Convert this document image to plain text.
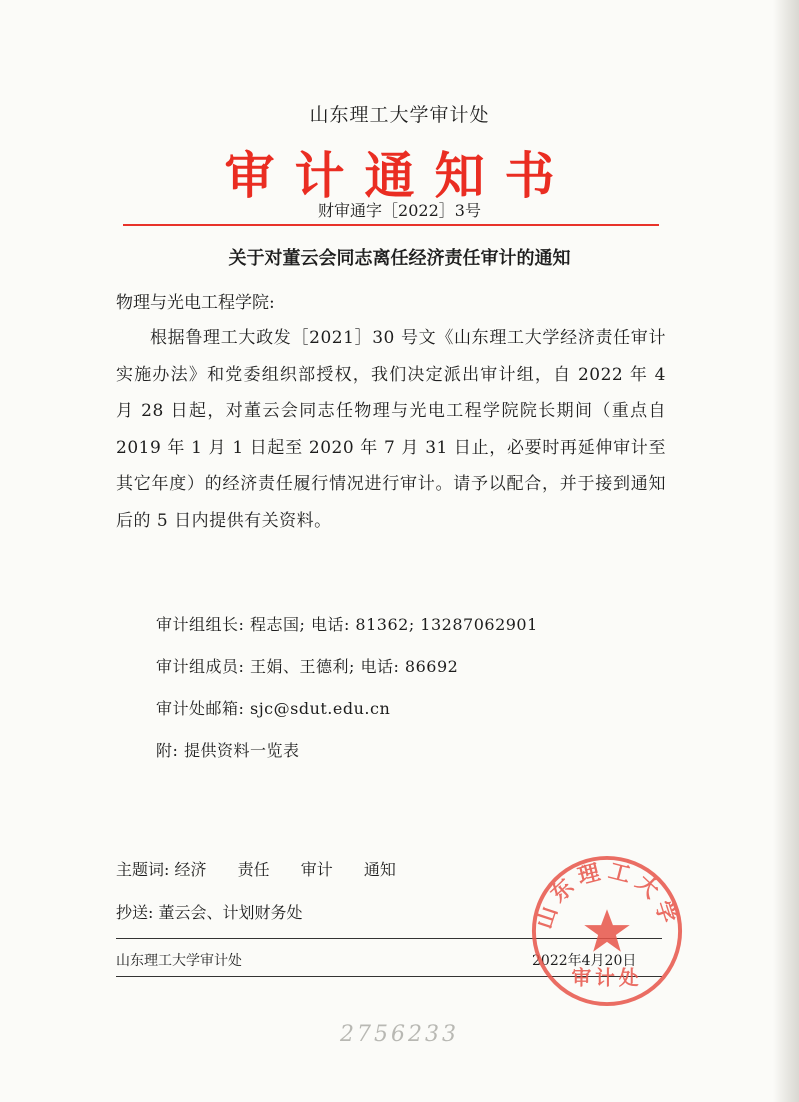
山东理工大学审计处
审计通知书
财审通字［2022］3号
关于对董云会同志离任经济责任审计的通知
物理与光电工程学院:
根据鲁理工大政发［2021］30 号文《山东理工大学经济责任审计实施办法》和党委组织部授权，我们决定派出审计组，自 2022 年 4 月 28 日起，对董云会同志任物理与光电工程学院院长期间（重点自 2019 年 1 月 1 日起至 2020 年 7 月 31 日止，必要时再延伸审计至其它年度）的经济责任履行情况进行审计。请予以配合，并于接到通知后的 5 日内提供有关资料。
审计组组长: 程志国; 电话: 81362; 13287062901
审计组成员: 王娟、王德利; 电话: 86692
审计处邮箱: sjc@sdut.edu.cn
附: 提供资料一览表
主题词: 经济 责任 审计 通知
抄送: 董云会、计划财务处
山东理工大学审计处	2022年4月20日
山东理工大学
审计处
2756233
